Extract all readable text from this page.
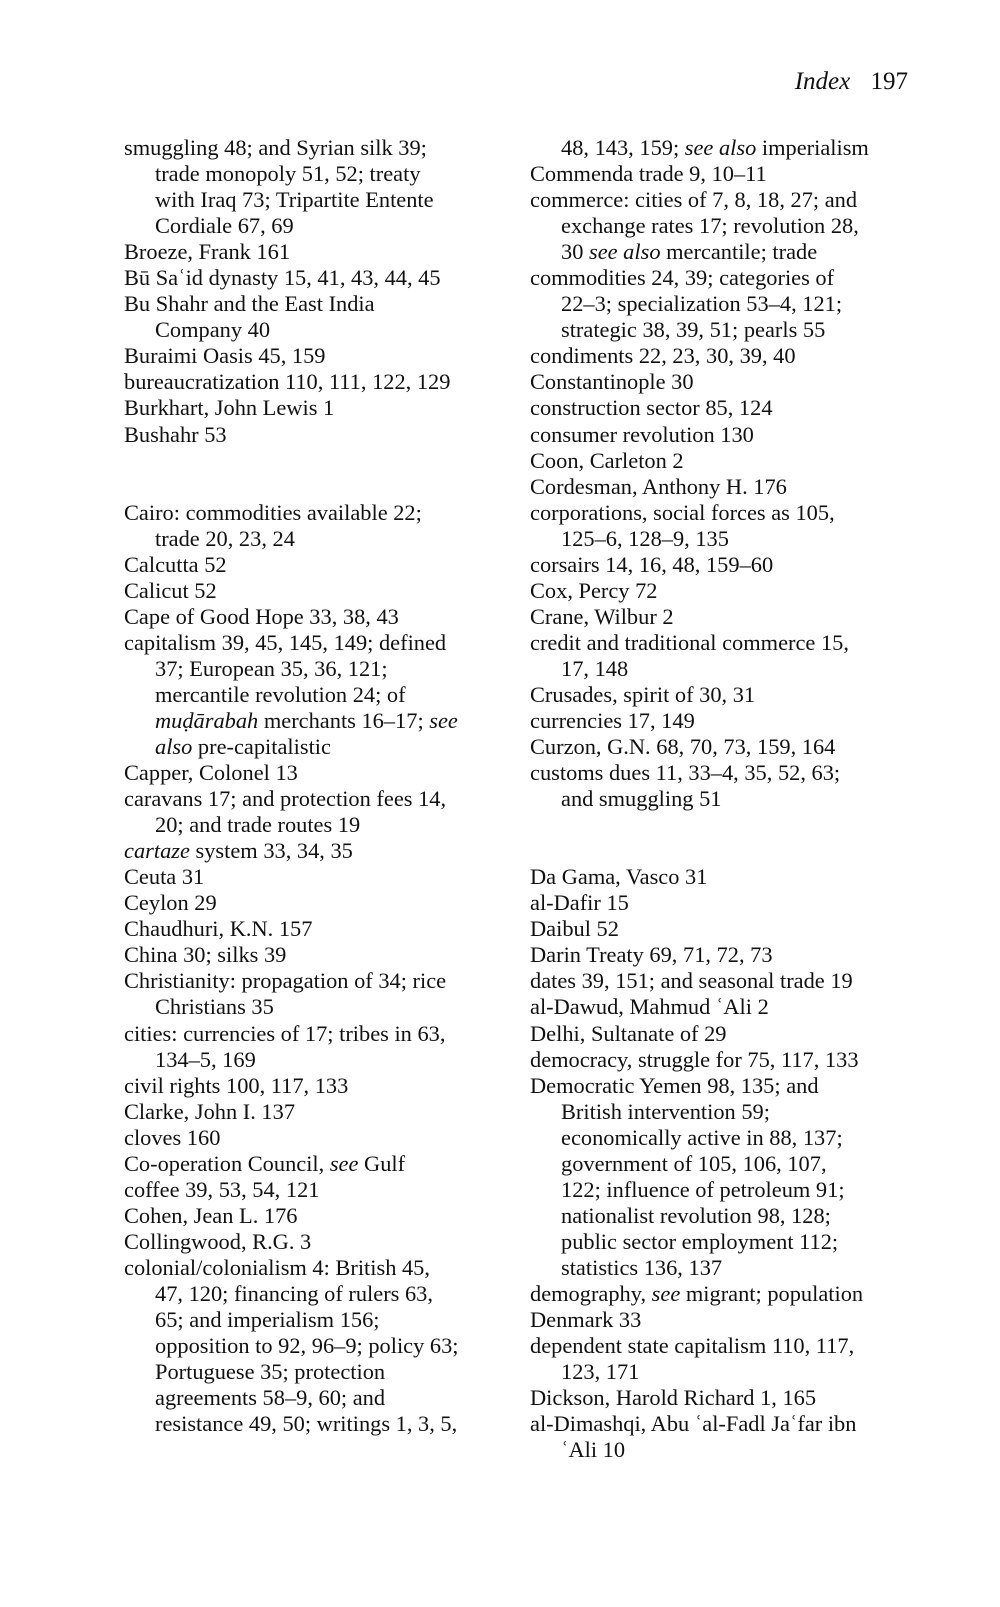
Index 197
smuggling 48; and Syrian silk 39;
trade monopoly 51, 52; treaty
with Iraq 73; Tripartite Entente
Cordiale 67, 69
Broeze, Frank 161
Bū Saʿid dynasty 15, 41, 43, 44, 45
Bu Shahr and the East India
Company 40
Buraimi Oasis 45, 159
bureaucratization 110, 111, 122, 129
Burkhart, John Lewis 1
Bushahr 53
Cairo: commodities available 22;
trade 20, 23, 24
Calcutta 52
Calicut 52
Cape of Good Hope 33, 38, 43
capitalism 39, 45, 145, 149; defined
37; European 35, 36, 121;
mercantile revolution 24; of
muḍārabah merchants 16–17; see
also pre-capitalistic
Capper, Colonel 13
caravans 17; and protection fees 14,
20; and trade routes 19
cartaze system 33, 34, 35
Ceuta 31
Ceylon 29
Chaudhuri, K.N. 157
China 30; silks 39
Christianity: propagation of 34; rice
Christians 35
cities: currencies of 17; tribes in 63,
134–5, 169
civil rights 100, 117, 133
Clarke, John I. 137
cloves 160
Co-operation Council, see Gulf
coffee 39, 53, 54, 121
Cohen, Jean L. 176
Collingwood, R.G. 3
colonial/colonialism 4: British 45,
47, 120; financing of rulers 63,
65; and imperialism 156;
opposition to 92, 96–9; policy 63;
Portuguese 35; protection
agreements 58–9, 60; and
resistance 49, 50; writings 1, 3, 5,
48, 143, 159; see also imperialism
Commenda trade 9, 10–11
commerce: cities of 7, 8, 18, 27; and
exchange rates 17; revolution 28,
30 see also mercantile; trade
commodities 24, 39; categories of
22–3; specialization 53–4, 121;
strategic 38, 39, 51; pearls 55
condiments 22, 23, 30, 39, 40
Constantinople 30
construction sector 85, 124
consumer revolution 130
Coon, Carleton 2
Cordesman, Anthony H. 176
corporations, social forces as 105,
125–6, 128–9, 135
corsairs 14, 16, 48, 159–60
Cox, Percy 72
Crane, Wilbur 2
credit and traditional commerce 15,
17, 148
Crusades, spirit of 30, 31
currencies 17, 149
Curzon, G.N. 68, 70, 73, 159, 164
customs dues 11, 33–4, 35, 52, 63;
and smuggling 51
Da Gama, Vasco 31
al-Dafir 15
Daibul 52
Darin Treaty 69, 71, 72, 73
dates 39, 151; and seasonal trade 19
al-Dawud, Mahmud ʿAli 2
Delhi, Sultanate of 29
democracy, struggle for 75, 117, 133
Democratic Yemen 98, 135; and
British intervention 59;
economically active in 88, 137;
government of 105, 106, 107,
122; influence of petroleum 91;
nationalist revolution 98, 128;
public sector employment 112;
statistics 136, 137
demography, see migrant; population
Denmark 33
dependent state capitalism 110, 117,
123, 171
Dickson, Harold Richard 1, 165
al-Dimashqi, Abu ʿal-Fadl Jaʿfar ibn
ʿAli 10
